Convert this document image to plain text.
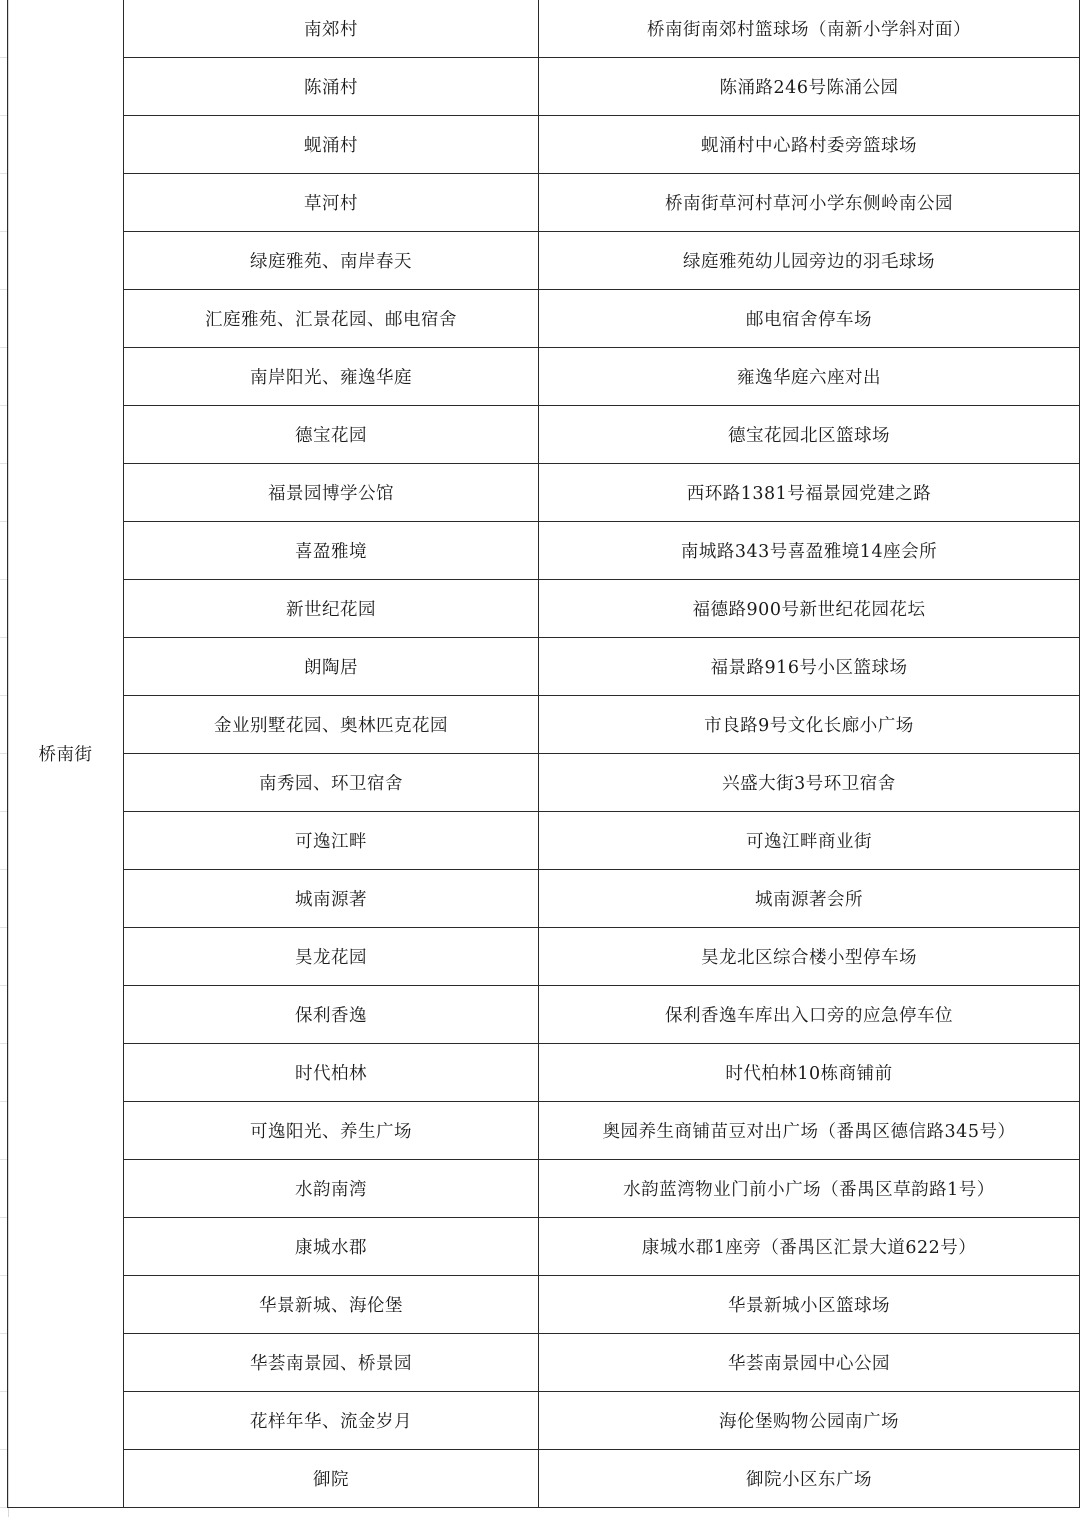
桥南街	南郊村	桥南街南郊村篮球场（南新小学斜对面）
	陈涌村	陈涌路246号陈涌公园
	蚬涌村	蚬涌村中心路村委旁篮球场
	草河村	桥南街草河村草河小学东侧岭南公园
	绿庭雅苑、南岸春天	绿庭雅苑幼儿园旁边的羽毛球场
	汇庭雅苑、汇景花园、邮电宿舍	邮电宿舍停车场
	南岸阳光、雍逸华庭	雍逸华庭六座对出
	德宝花园	德宝花园北区篮球场
	福景园博学公馆	西环路1381号福景园党建之路
	喜盈雅境	南城路343号喜盈雅境14座会所
	新世纪花园	福德路900号新世纪花园花坛
	朗陶居	福景路916号小区篮球场
	金业别墅花园、奥林匹克花园	市良路9号文化长廊小广场
	南秀园、环卫宿舍	兴盛大街3号环卫宿舍
	可逸江畔	可逸江畔商业街
	城南源著	城南源著会所
	昊龙花园	昊龙北区综合楼小型停车场
	保利香逸	保利香逸车库出入口旁的应急停车位
	时代柏林	时代柏林10栋商铺前
	可逸阳光、养生广场	奥园养生商铺苗豆对出广场（番禺区德信路345号）
	水韵南湾	水韵蓝湾物业门前小广场（番禺区草韵路1号）
	康城水郡	康城水郡1座旁（番禺区汇景大道622号）
	华景新城、海伦堡	华景新城小区篮球场
	华荟南景园、桥景园	华荟南景园中心公园
	花样年华、流金岁月	海伦堡购物公园南广场
	御院	御院小区东广场
